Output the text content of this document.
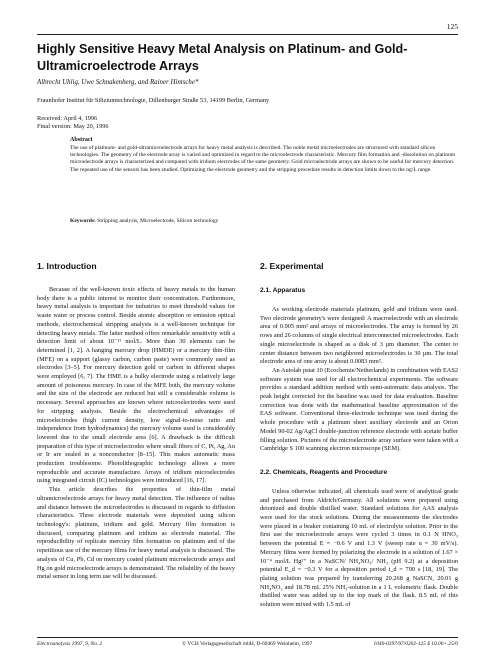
125
Highly Sensitive Heavy Metal Analysis on Platinum- and Gold-Ultramicroelectrode Arrays
Albrecht Uhlig, Uwe Schnakenberg, and Rainer Hintsche*
Fraunhofer Institut für Siliziumtechnologie, Dillenburger Straße 53, 14199 Berlin, Germany
Received: April 4, 1996
Final version: May 20, 1996
Abstract

The use of platinum- and gold-ultramicroelectrode arrays for heavy metal analysis is described. The noble metal microelectrodes are structured with standard silicon technologies. The geometry of the electrode array is varied and optimized in regard to the microelectrode characteristic. Mercury film formation and -dissolution on platinum microelectrode arrays is characterized and compared with iridium electrodes of the same geometry. Gold microelectrode arrays are shown to be useful for mercury detection. The repeated use of the sensors has been studied. Optimizing the electrode geometry and the stripping procedure results in detection limits down to the ng/L range.

Keywords: Stripping analysis, Microelectrode, Silicon technology
1. Introduction

Because of the well-known toxic effects of heavy metals to the human body there is a public interest to monitor their concentration. Furthermore, heavy metal analysis is important for industries to meet threshold values for waste water or process control. Beside atomic absorption or emission optical methods, electrochemical stripping analysis is a well-known technique for detecting heavy metals. The latter method offers remarkable sensitivity with a detection limit of about 10⁻¹¹ mol/L. More than 30 elements can be determined [1, 2]. A hanging mercury drop (HMDE) or a mercury thin-film (MFE) on a support (glassy carbon, carbon paste) were commonly used as electrodes [3–5]. For mercury detection gold or carbon in different shapes were employed [6, 7]. The HME is a bulky electrode using a relatively large amount of poisonous mercury. In case of the MFE both, the mercury volume and the size of the electrode are reduced but still a considerable volume is necessary. Several approaches are known where microelectrodes were used for stripping analysis. Beside the electrochemical advantages of microelectrodes (high current density, low signal-to-noise ratio and independence from hydrodynamics) the mercury volume used is considerably lowered due to the small electrode area [6]. A drawback is the difficult preparation of this type of microelectrodes where small fibers of C, Pt, Ag, Au or Ir are sealed in a nonconductor [8–15]. This makes automatic mass production troublesome. Photolithographic technology allows a more reproducible and accurate manufacture. Arrays of iridium microelectrodes using integrated circuit (IC) technologies were introduced [16, 17].

This article describes the properties of thin-film metal ultramicroelectrode arrays for heavy metal detection. The influence of radius and distance between the microelectrodes is discussed in regards to diffusion characteristics. Three electrode materials were deposited using silicon technology's: platinum, iridium and gold. Mercury film formation is discussed, comparing platinum and iridium as electrode material. The reproducibility of replicate mercury film formation on platinum and of the repetitious use of the mercury films for heavy metal analysis is discussed. The analysis of Cu, Pb, Cd on mercury coated platinum microelectrode arrays and Hg on gold microelectrode arrays is demonstrated. The reliability of the heavy metal sensor in long term use will be discussed.

2. Experimental
2.1. Apparatus

As working electrode materials platinum, gold and iridium were used. Two electrode geometry's were designed: A macroelectrode with an electrode area of 0.905 mm² and arrays of microelectrodes. The array is formed by 26 rows and 26 columns of single electrical interconnected microelectrodes. Each single microelectrode is shaped as a disk of 3 µm diameter. The center to center distance between two neighbored microelectrodes is 30 µm. The total electrode area of one array is about 0.0083 mm².

An Autolab pstat 10 (Ecochemie/Netherlands) in combination with EAS2 software system was used for all electrochemical experiments. The software provides a standard addition method with semi-automatic data analysis. The peak height corrected for the baseline was used for data evaluation. Baseline correction was done with the mathematical baseline approximation of the EAS software. Conventional three-electrode technique was used during the whole procedure with a platinum sheet auxiliary electrode and an Orion Model 90-02 Ag/AgCl double-junction reference electrode with acetate buffer filling solution. Pictures of the microelectrode array surface were taken with a Cambridge S 100 scanning electron microscope (SEM).

2.2. Chemicals, Reagents and Procedure

Unless otherwise indicated, all chemicals used were of analytical grade and purchased from Aldrich/Germany. All solutions were prepared using deionized and double distilled water. Standard solutions for AAS analysis were used for the stock solutions. During the measurements the electrodes were placed in a beaker containing 10 mL of electrolyte solution. Prior to the first use the microelectrode arrays were cycled 3 times in 0.1 N HNO₃ between the potential E = −0.6 V and 1.3 V (sweep rate u = 30 mV/s). Mercury films were formed by polarizing the electrode in a solution of 1.67 × 10⁻⁴ mol/L Hg²⁺ in a NaSCN/ NH₄NO₃/ NH₃ (pH 9.2) at a deposition potential E_d = −0.3 V for a deposition period t_d = 700 s [18, 19]. The plating solution was prepared by transferring 20.268 g NaSCN, 20.01 g NH₄NO₃ and 18.78 mL 25% NH₃-solution in a 1 L volumetric flask. Double distilled water was added up to the top mark of the flask. 8.5 mL of this solution were mixed with 1.5 mL of

Electroanalysis 1997, 9, No. 2	© VCH Verlagsgesellschaft mbH, D-69469 Weinheim, 1997	1040-0397/97/0202-125 $ 10.00+.25/0
